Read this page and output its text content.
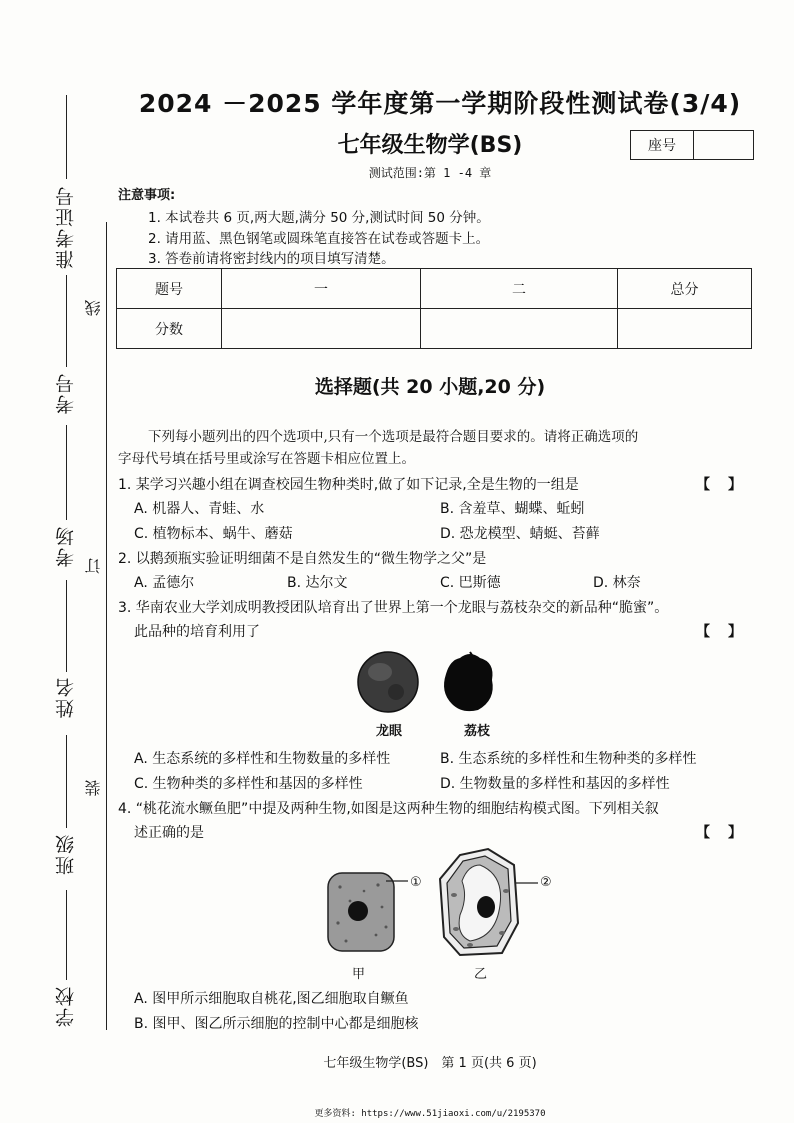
准考证号
考号
考场
姓名
班级
学校
线
订
装
2024 －2025 学年度第一学期阶段性测试卷(3/4)
七年级生物学(BS)	座号
测试范围:第 1 -4 章
注意事项:
1. 本试卷共 6 页,两大题,满分 50 分,测试时间 50 分钟。
2. 请用蓝、黑色钢笔或圆珠笔直接答在试卷或答题卡上。
3. 答卷前请将密封线内的项目填写清楚。
题号	一	二	总分
分数			
选择题(共 20 小题,20 分)
下列每小题列出的四个选项中,只有一个选项是最符合题目要求的。请将正确选项的
字母代号填在括号里或涂写在答题卡相应位置上。
1. 某学习兴趣小组在调查校园生物种类时,做了如下记录,全是生物的一组是	【】
A. 机器人、青蛙、水	B. 含羞草、蝴蝶、蚯蚓
C. 植物标本、蜗牛、蘑菇	D. 恐龙模型、蜻蜓、苔藓
2. 以鹅颈瓶实验证明细菌不是自然发生的“微生物学之父”是
A. 孟德尔	B. 达尔文	C. 巴斯德	D. 林奈
3. 华南农业大学刘成明教授团队培育出了世界上第一个龙眼与荔枝杂交的新品种“脆蜜”。
此品种的培育利用了	【】
龙眼	荔枝
A. 生态系统的多样性和生物数量的多样性	B. 生态系统的多样性和生物种类的多样性
C. 生物种类的多样性和基因的多样性	D. 生物数量的多样性和基因的多样性
4. “桃花流水鳜鱼肥”中提及两种生物,如图是这两种生物的细胞结构模式图。下列相关叙
述正确的是	【】
①	②
甲	乙
A. 图甲所示细胞取自桃花,图乙细胞取自鳜鱼
B. 图甲、图乙所示细胞的控制中心都是细胞核
七年级生物学(BS)　第 1 页(共 6 页)
更多资料: https://www.51jiaoxi.com/u/2195370
